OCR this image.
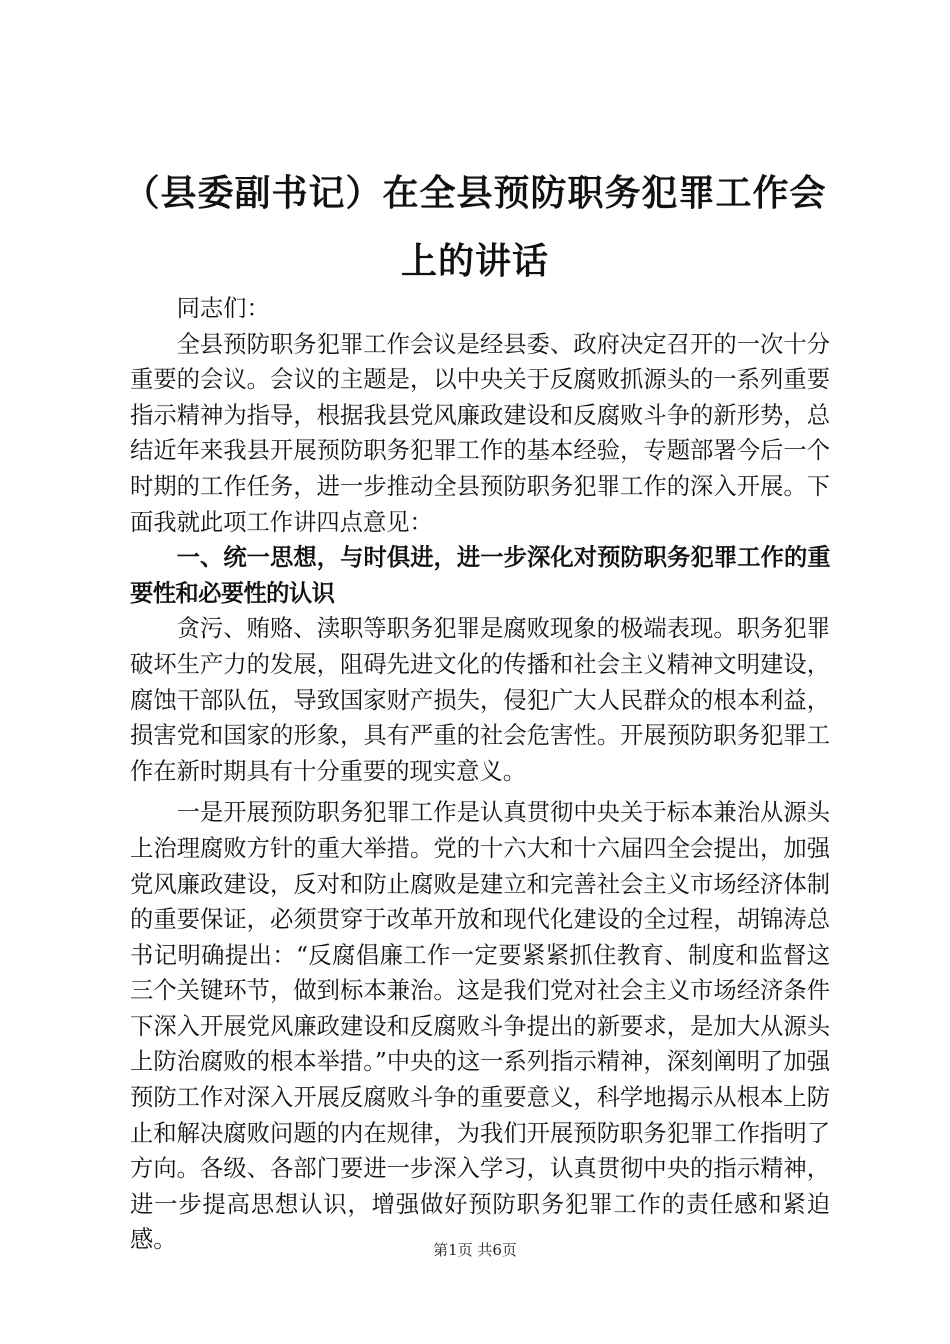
（县委副书记）在全县预防职务犯罪工作会上的讲话

同志们：

全县预防职务犯罪工作会议是经县委、政府决定召开的一次十分重要的会议。会议的主题是，以中央关于反腐败抓源头的一系列重要指示精神为指导，根据我县党风廉政建设和反腐败斗争的新形势，总结近年来我县开展预防职务犯罪工作的基本经验，专题部署今后一个时期的工作任务，进一步推动全县预防职务犯罪工作的深入开展。下面我就此项工作讲四点意见：

一、统一思想，与时俱进，进一步深化对预防职务犯罪工作的重要性和必要性的认识

贪污、贿赂、渎职等职务犯罪是腐败现象的极端表现。职务犯罪破坏生产力的发展，阻碍先进文化的传播和社会主义精神文明建设，腐蚀干部队伍，导致国家财产损失，侵犯广大人民群众的根本利益，损害党和国家的形象，具有严重的社会危害性。开展预防职务犯罪工作在新时期具有十分重要的现实意义。

一是开展预防职务犯罪工作是认真贯彻中央关于标本兼治从源头上治理腐败方针的重大举措。党的十六大和十六届四全会提出，加强党风廉政建设，反对和防止腐败是建立和完善社会主义市场经济体制的重要保证，必须贯穿于改革开放和现代化建设的全过程，胡锦涛总书记明确提出：“反腐倡廉工作一定要紧紧抓住教育、制度和监督这三个关键环节，做到标本兼治。这是我们党对社会主义市场经济条件下深入开展党风廉政建设和反腐败斗争提出的新要求，是加大从源头上防治腐败的根本举措。”中央的这一系列指示精神，深刻阐明了加强预防工作对深入开展反腐败斗争的重要意义，科学地揭示从根本上防止和解决腐败问题的内在规律，为我们开展预防职务犯罪工作指明了方向。各级、各部门要进一步深入学习，认真贯彻中央的指示精神，进一步提高思想认识，增强做好预防职务犯罪工作的责任感和紧迫感。	第1页 共6页
